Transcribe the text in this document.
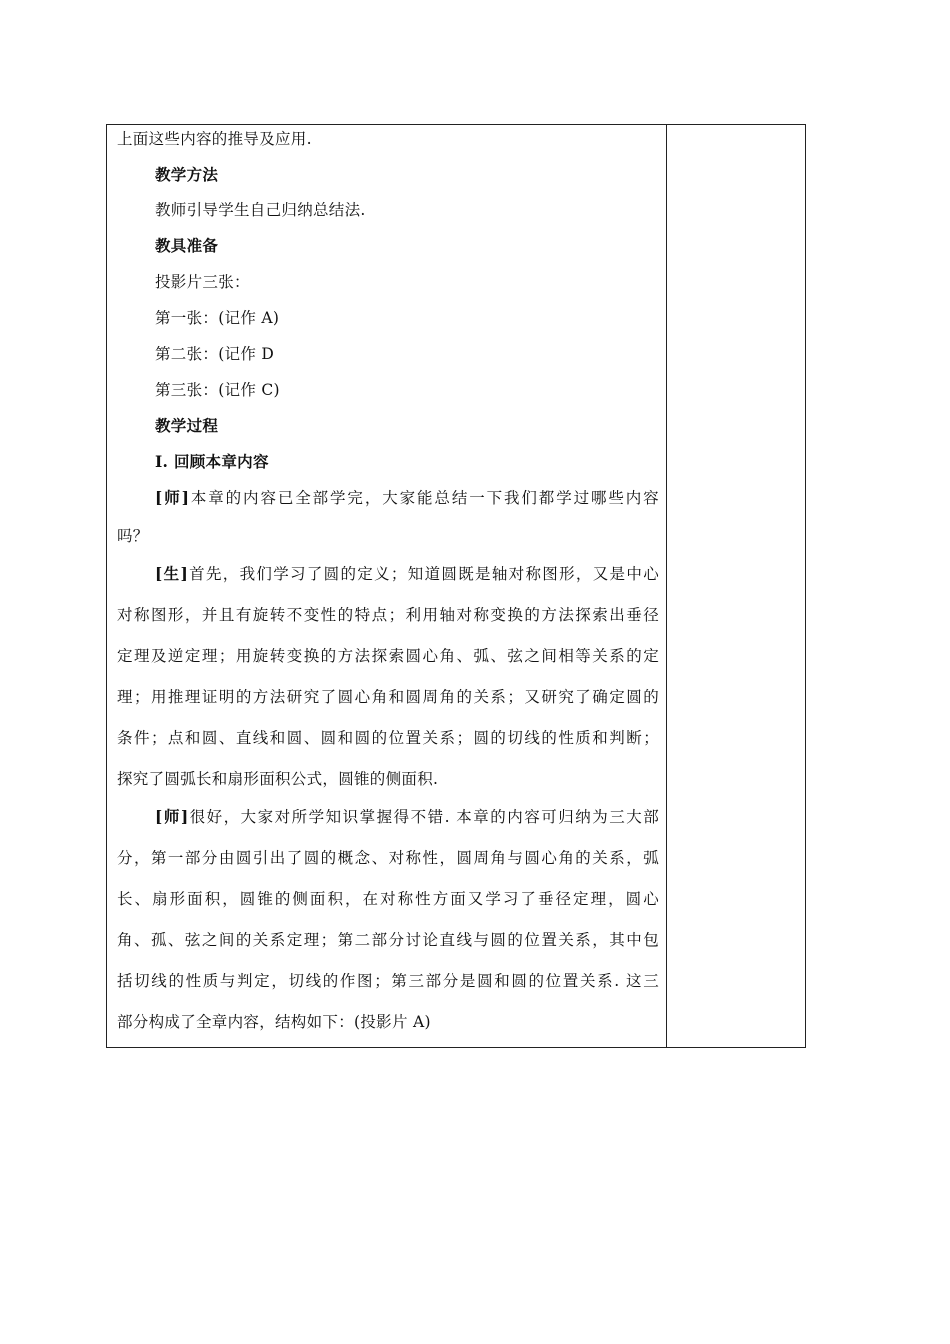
上面这些内容的推导及应用.
教学方法
教师引导学生自己归纳总结法.
教具准备
投影片三张：
第一张：(记作 A)
第二张：(记作 D
第三张：(记作 C)
教学过程
Ⅰ. 回顾本章内容
[师]本章的内容已全部学完，大家能总结一下我们都学过哪些内容
吗？
[生]首先，我们学习了圆的定义；知道圆既是轴对称图形，又是中心
对称图形，并且有旋转不变性的特点；利用轴对称变换的方法探索出垂径
定理及逆定理；用旋转变换的方法探索圆心角、弧、弦之间相等关系的定
理；用推理证明的方法研究了圆心角和圆周角的关系；又研究了确定圆的
条件；点和圆、直线和圆、圆和圆的位置关系；圆的切线的性质和判断；
探究了圆弧长和扇形面积公式，圆锥的侧面积.
[师]很好，大家对所学知识掌握得不错. 本章的内容可归纳为三大部
分，第一部分由圆引出了圆的概念、对称性，圆周角与圆心角的关系，弧
长、扇形面积，圆锥的侧面积，在对称性方面又学习了垂径定理，圆心
角、孤、弦之间的关系定理；第二部分讨论直线与圆的位置关系，其中包
括切线的性质与判定，切线的作图；第三部分是圆和圆的位置关系. 这三
部分构成了全章内容，结构如下：(投影片 A)
